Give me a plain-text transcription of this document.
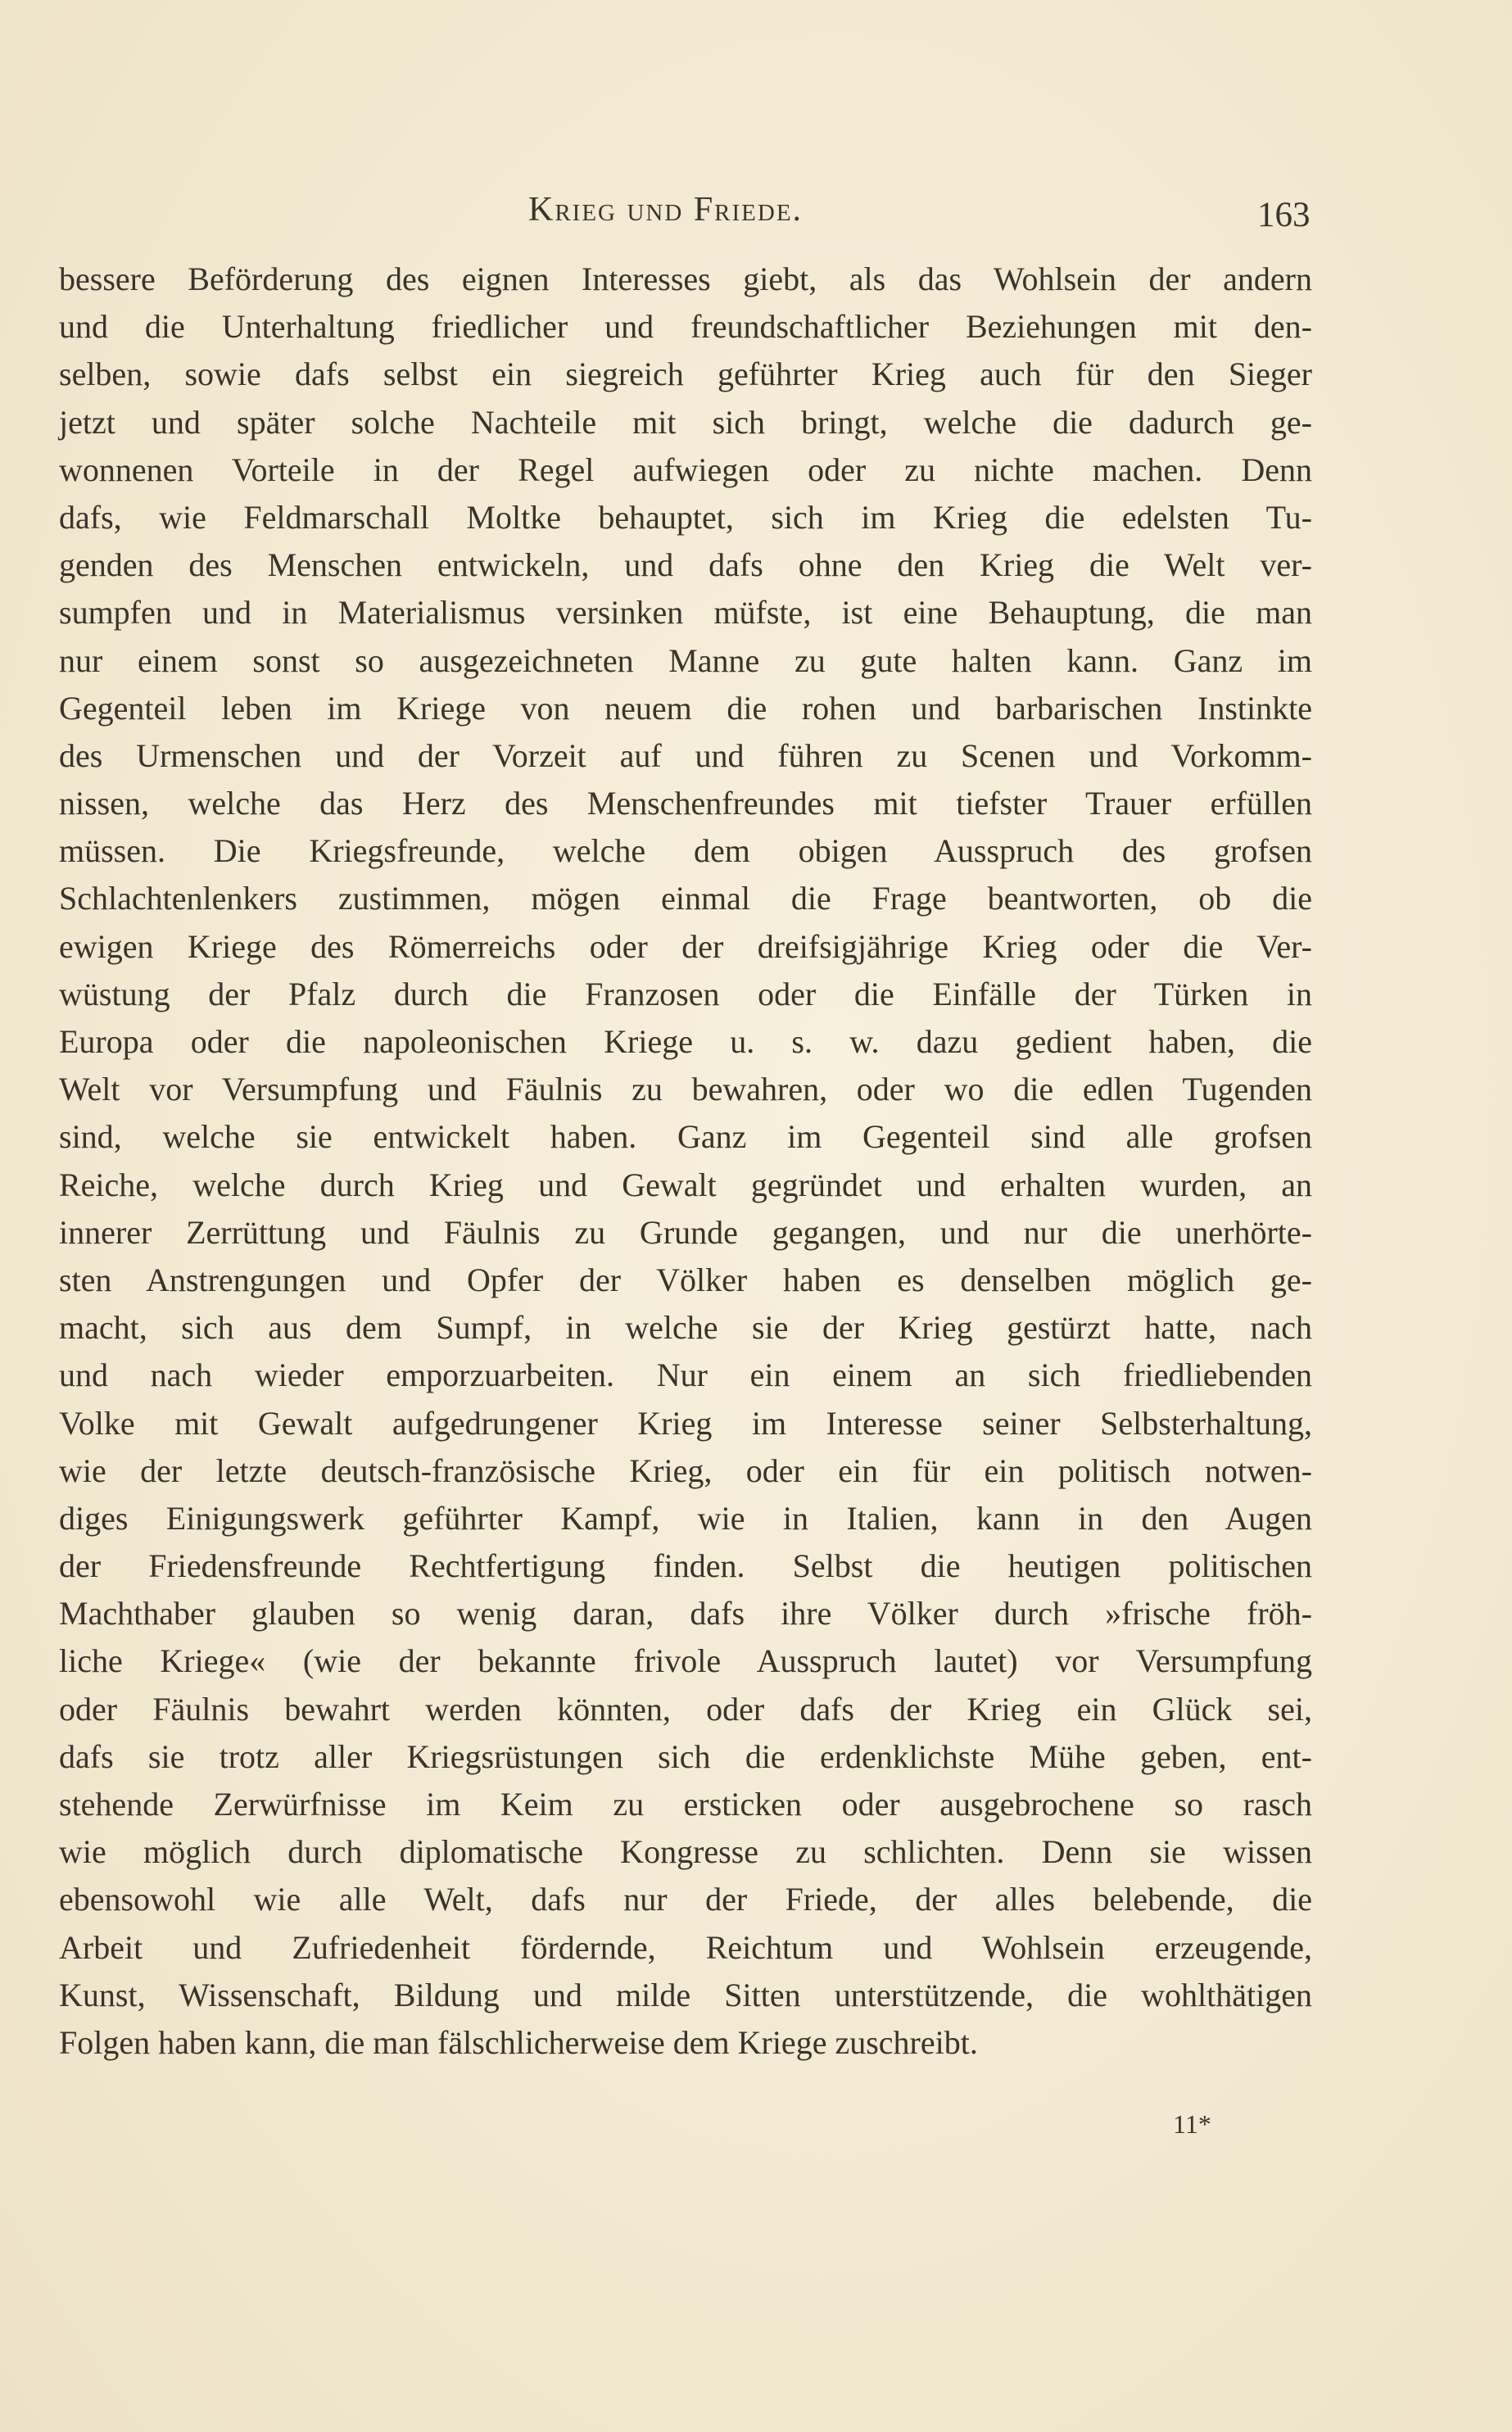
Krieg und Friede.	163
bessere Beförderung des eignen Interesses giebt, als das Wohlsein der andern
und die Unterhaltung friedlicher und freundschaftlicher Beziehungen mit den-
selben, sowie dafs selbst ein siegreich geführter Krieg auch für den Sieger
jetzt und später solche Nachteile mit sich bringt, welche die dadurch ge-
wonnenen Vorteile in der Regel aufwiegen oder zu nichte machen. Denn
dafs, wie Feldmarschall Moltke behauptet, sich im Krieg die edelsten Tu-
genden des Menschen entwickeln, und dafs ohne den Krieg die Welt ver-
sumpfen und in Materialismus versinken müfste, ist eine Behauptung, die man
nur einem sonst so ausgezeichneten Manne zu gute halten kann. Ganz im
Gegenteil leben im Kriege von neuem die rohen und barbarischen Instinkte
des Urmenschen und der Vorzeit auf und führen zu Scenen und Vorkomm-
nissen, welche das Herz des Menschenfreundes mit tiefster Trauer erfüllen
müssen. Die Kriegsfreunde, welche dem obigen Ausspruch des grofsen
Schlachtenlenkers zustimmen, mögen einmal die Frage beantworten, ob die
ewigen Kriege des Römerreichs oder der dreifsigjährige Krieg oder die Ver-
wüstung der Pfalz durch die Franzosen oder die Einfälle der Türken in
Europa oder die napoleonischen Kriege u. s. w. dazu gedient haben, die
Welt vor Versumpfung und Fäulnis zu bewahren, oder wo die edlen Tugenden
sind, welche sie entwickelt haben. Ganz im Gegenteil sind alle grofsen
Reiche, welche durch Krieg und Gewalt gegründet und erhalten wurden, an
innerer Zerrüttung und Fäulnis zu Grunde gegangen, und nur die unerhörte-
sten Anstrengungen und Opfer der Völker haben es denselben möglich ge-
macht, sich aus dem Sumpf, in welche sie der Krieg gestürzt hatte, nach
und nach wieder emporzuarbeiten. Nur ein einem an sich friedliebenden
Volke mit Gewalt aufgedrungener Krieg im Interesse seiner Selbsterhaltung,
wie der letzte deutsch-französische Krieg, oder ein für ein politisch notwen-
diges Einigungswerk geführter Kampf, wie in Italien, kann in den Augen
der Friedensfreunde Rechtfertigung finden. Selbst die heutigen politischen
Machthaber glauben so wenig daran, dafs ihre Völker durch »frische fröh-
liche Kriege« (wie der bekannte frivole Ausspruch lautet) vor Versumpfung
oder Fäulnis bewahrt werden könnten, oder dafs der Krieg ein Glück sei,
dafs sie trotz aller Kriegsrüstungen sich die erdenklichste Mühe geben, ent-
stehende Zerwürfnisse im Keim zu ersticken oder ausgebrochene so rasch
wie möglich durch diplomatische Kongresse zu schlichten. Denn sie wissen
ebensowohl wie alle Welt, dafs nur der Friede, der alles belebende, die
Arbeit und Zufriedenheit fördernde, Reichtum und Wohlsein erzeugende,
Kunst, Wissenschaft, Bildung und milde Sitten unterstützende, die wohlthätigen
Folgen haben kann, die man fälschlicherweise dem Kriege zuschreibt.
11*
